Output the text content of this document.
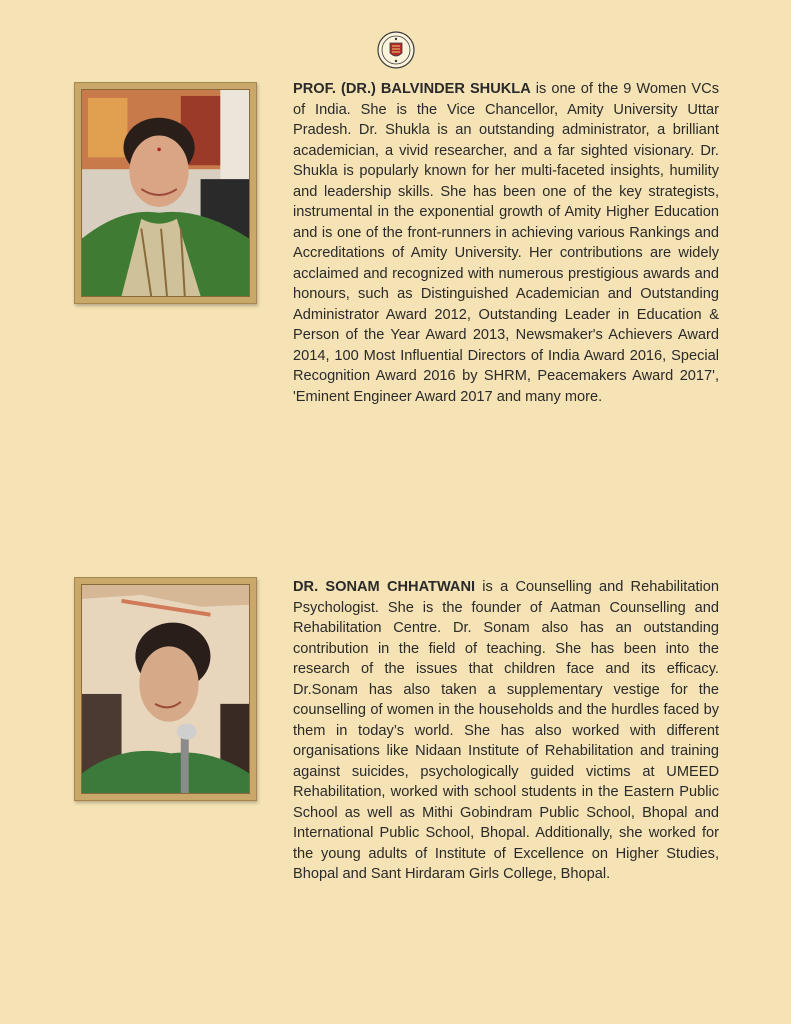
PROF. (DR.) BALVINDER SHUKLA is one of the 9 Women VCs of India. She is the Vice Chancellor, Amity University Uttar Pradesh. Dr. Shukla is an outstanding administrator, a brilliant academician, a vivid researcher, and a far sighted visionary. Dr. Shukla is popularly known for her multi-faceted insights, humility and leadership skills. She has been one of the key strategists, instrumental in the exponential growth of Amity Higher Education and is one of the front-runners in achieving various Rankings and Accreditations of Amity University. Her contributions are widely acclaimed and recognized with numerous prestigious awards and honours, such as Distinguished Academician and Outstanding Administrator Award 2012, Outstanding Leader in Education & Person of the Year Award 2013, Newsmaker's Achievers Award 2014, 100 Most Influential Directors of India Award 2016, Special Recognition Award 2016 by SHRM, Peacemakers Award 2017', 'Eminent Engineer Award 2017 and many more.

DR. SONAM CHHATWANI is a Counselling and Rehabilitation Psychologist. She is the founder of Aatman Counselling and Rehabilitation Centre. Dr. Sonam also has an outstanding contribution in the field of teaching. She has been into the research of the issues that children face and its efficacy. Dr.Sonam has also taken a supplementary vestige for the counselling of women in the households and the hurdles faced by them in today’s world. She has also worked with different organisations like Nidaan Institute of Rehabilitation and training against suicides, psychologically guided victims at UMEED Rehabilitation, worked with school students in the Eastern Public School as well as Mithi Gobindram Public School, Bhopal and International Public School, Bhopal. Additionally, she worked for the young adults of Institute of Excellence on Higher Studies, Bhopal and Sant Hirdaram Girls College, Bhopal.
